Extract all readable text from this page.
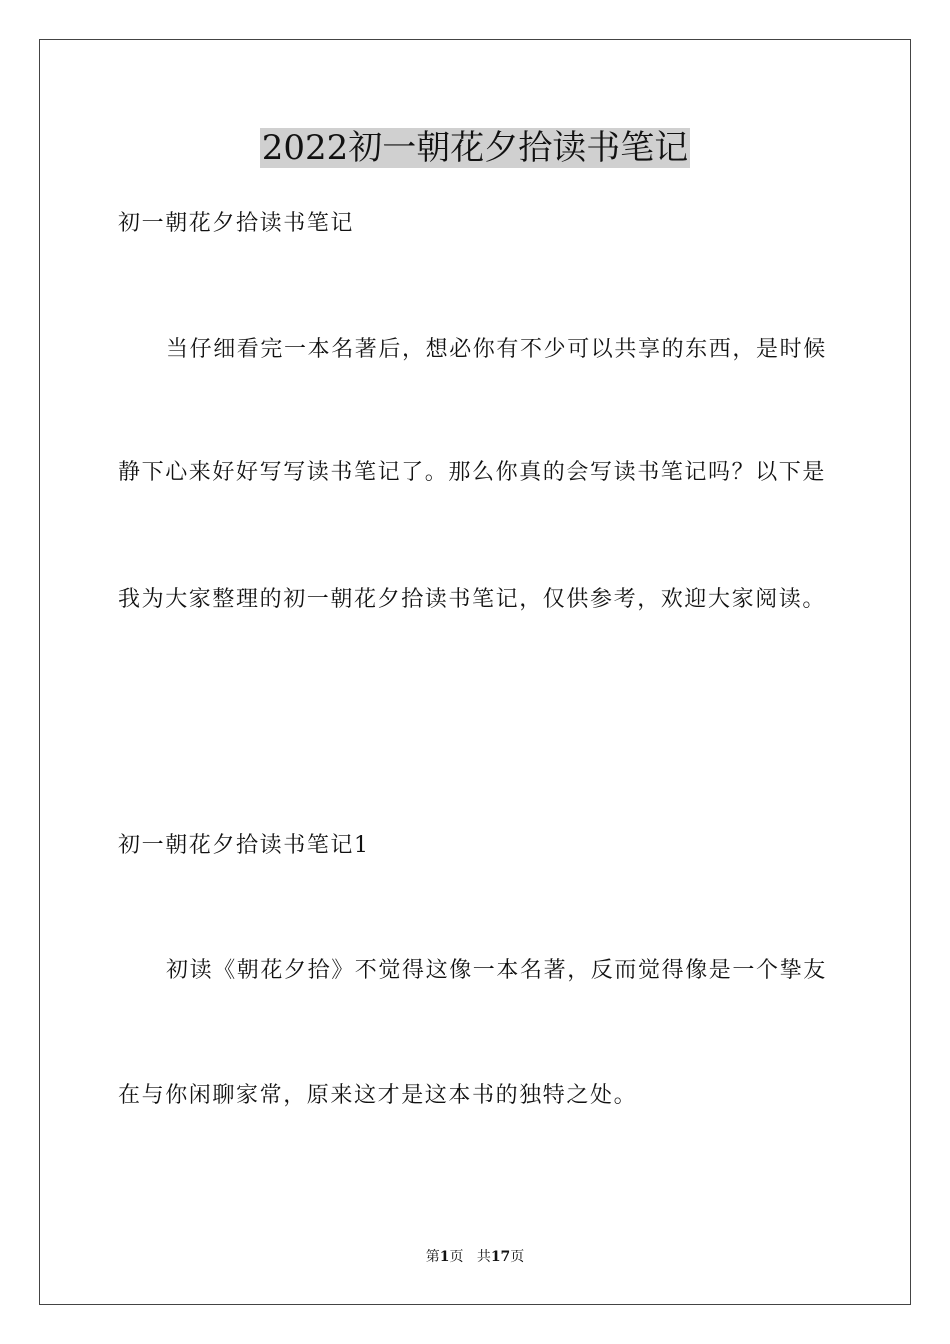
2022初一朝花夕拾读书笔记
初一朝花夕拾读书笔记
当仔细看完一本名著后，想必你有不少可以共享的东西，是时候
静下心来好好写写读书笔记了。那么你真的会写读书笔记吗？以下是
我为大家整理的初一朝花夕拾读书笔记，仅供参考，欢迎大家阅读。
初一朝花夕拾读书笔记1
初读《朝花夕拾》不觉得这像一本名著，反而觉得像是一个挚友
在与你闲聊家常，原来这才是这本书的独特之处。
第1页 共17页
